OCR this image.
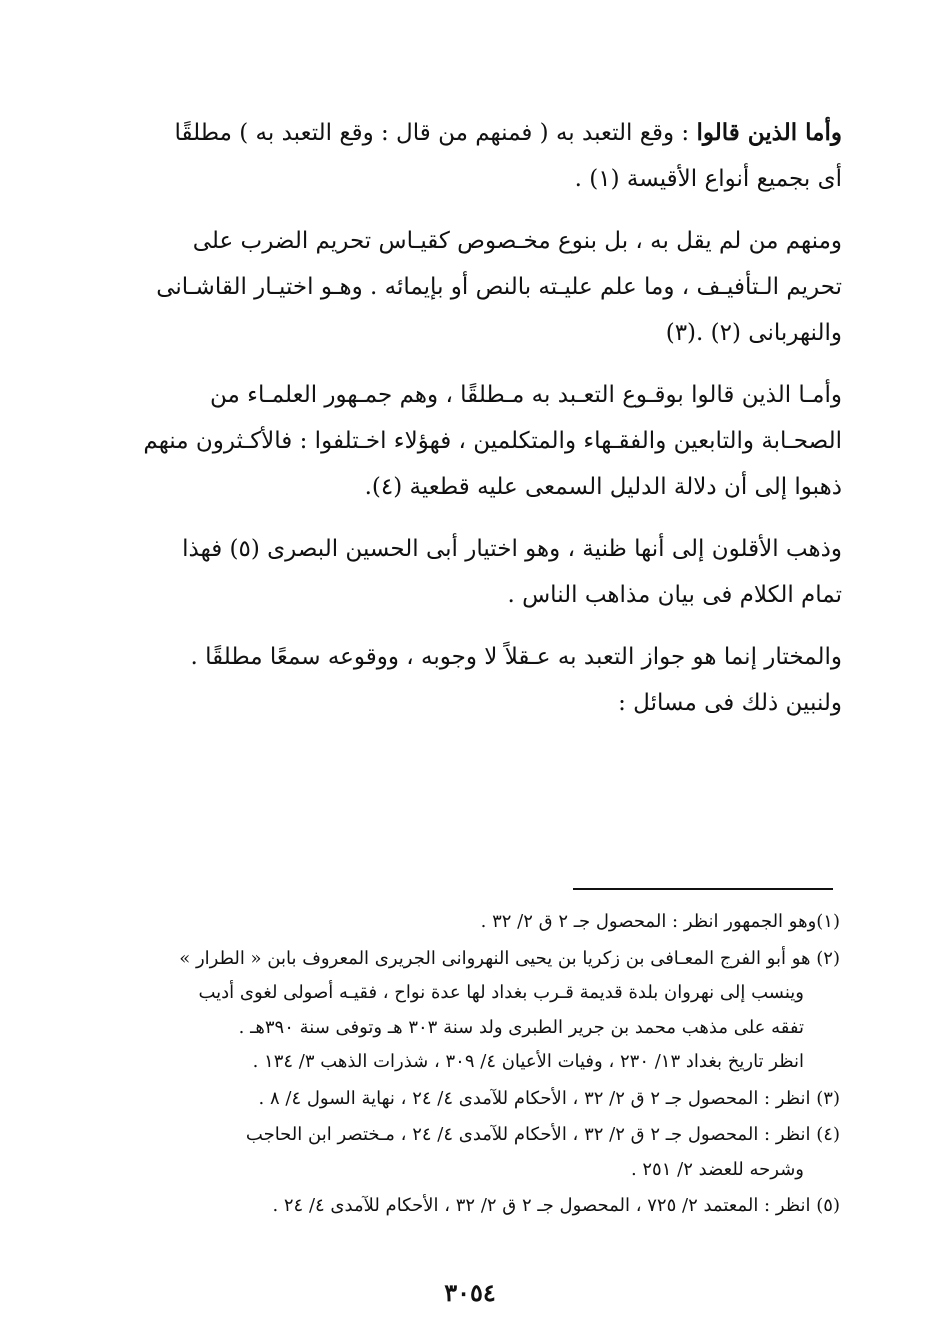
وأما الذين قالوا : وقع التعبد به ( فمنهم من قال : وقع التعبد به ) مطلقًا
أى بجميع أنواع الأقيسة (١) .

ومنهم من لم يقل به ، بل بنوع مخـصوص كقيـاس تحريم الضرب على
تحريم الـتأفيـف ، وما علم عليـته بالنص أو بإيمائه . وهـو اختيـار القاشـانى
والنهربانى (٢) .(٣)

وأمـا الذين قالوا بوقـوع التعـبد به مـطلقًا ، وهم جمـهور العلمـاء من
الصحـابة والتابعين والفقـهاء والمتكلمين ، فهؤلاء اخـتلفوا : فالأكـثرون منهم
ذهبوا إلى أن دلالة الدليل السمعى عليه قطعية (٤).

وذهب الأقلون إلى أنها ظنية ، وهو اختيار أبى الحسين البصرى (٥) فهذا
تمام الكلام فى بيان مذاهب الناس .

والمختار إنما هو جواز التعبد به عـقلاً لا وجوبه ، ووقوعه سمعًا مطلقًا .
ولنبين ذلك فى مسائل :

(١)وهو الجمهور انظر : المحصول جـ ٢ ق ٢/ ٣٢ .
(٢) هو أبو الفرج المعـافى بن زكريا بن يحيى النهروانى الجريرى المعروف بابن « الطرار »
وينسب إلى نهروان بلدة قديمة قـرب بغداد لها عدة نواح ، فقيـه أصولى لغوى أديب
تفقه على مذهب محمد بن جرير الطبرى ولد سنة ٣٠٣ هـ وتوفى سنة ٣٩٠هـ .
انظر تاريخ بغداد ١٣/ ٢٣٠ ، وفيات الأعيان ٤/ ٣٠٩ ، شذرات الذهب ٣/ ١٣٤ .
(٣) انظر : المحصول جـ ٢ ق ٢/ ٣٢ ، الأحكام للآمدى ٤/ ٢٤ ، نهاية السول ٤/ ٨ .
(٤) انظر : المحصول جـ ٢ ق ٢/ ٣٢ ، الأحكام للآمدى ٤/ ٢٤ ، مـختصر ابن الحاجب
وشرحه للعضد ٢/ ٢٥١ .
(٥) انظر : المعتمد ٢/ ٧٢٥ ، المحصول جـ ٢ ق ٢/ ٣٢ ، الأحكام للآمدى ٤/ ٢٤ .
٣٠٥٤
